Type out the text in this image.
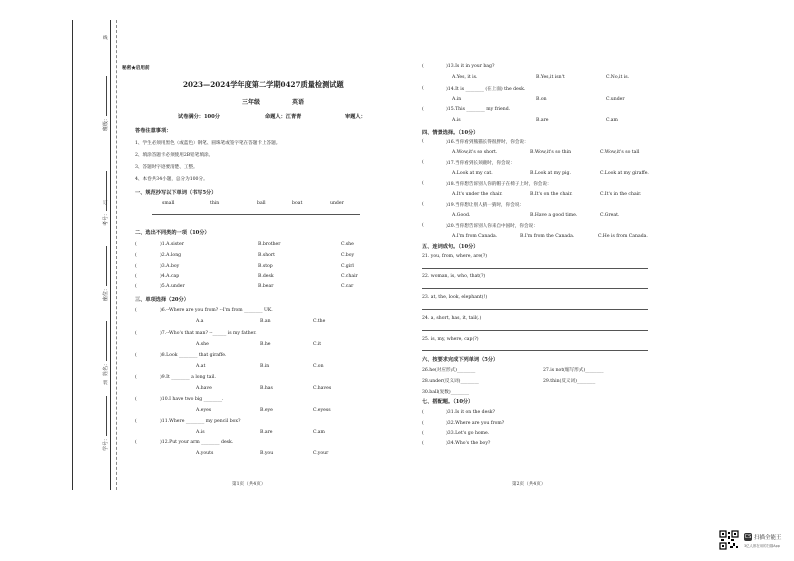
班级：
考号：
座位：
姓名：
学号：
线
订
装
秘密★启用前
2023—2024学年度第二学期0427质量检测试题
三年级	英语
试卷满分：100分	命题人：江青青	审题人：
答卷注意事项：
1、学生必须用黑色（或蓝色）钢笔、圆珠笔或签字笔在答题卡上答题。
2、填涂答题卡必须使用2B铅笔填涂。
3、答题时字迹要清楚、工整。
4、本卷共34小题，总分为100分。
一、规范抄写以下单词（书写5分）
small	thin	ball	boat	under
二、选出不同类的一项（10分）
(	)1.A.sister	B.brother	C.she
(	)2.A.long	B.short	C.boy
(	)3.A.boy	B.stop	C.girl
(	)4.A.cap	B.desk	C.chair
(	)5.A.under	B.bear	C.car
三、单项选择（20分）
(	)6.--Where are you from? --I'm from ________ UK.
A.a	B.an	C.the
(	)7.--Who's that man? --______ is my father.
A.she	B.he	C.it
(	)8.Look ________ that giraffe.
A.at	B.in	C.on
(	)9.It ________ a long tail.
A.have	B.has	C.haves
(	)10.I have two big ________.
A.eyes	B.eye	C.eyess
(	)11.Where ________ my pencil box?
A.is	B.are	C.am
(	)12.Put your arm ________ desk.
A.youts	B.you	C.your
第1页（共4页）
(	)13.Is it in your bag?
A.Yes, it is.	B.Yes,it isn't	C.No,it is.
(	)14.It is ________ (在上面) the desk.
A.in	B.on	C.under
(	)15.This ________ my friend.
A.is	B.are	C.am
四、情景选择。（10分）
(	)16.当你看到熊猫长得很胖时，你会说：
A.Wow,it's so short.	B.Wow,it's so thin	C.Wow,it's so tall
(	)17.当你看到长颈鹿时，你会说：
A.Look at my cat.	B.Look at my pig.	C.Look at my giraffe.
(	)18.当你想告诉别人你的帽子在椅子上时，你会说：
A.It's under the chair.	B.It's on the chair.	C.It's in the chair.
(	)19.当你想让别人猜一猜时，你会说：
A.Good.	B.Have a good time.	C.Great.
(	)20.当你想告诉别人你来自中国时，你会说：
A.I'm from Canada.	B.I'm from the Canada.	C.He is from Canada.
五、连词成句。（10分）
21. you, from, where, are(?)
22. woman, is, who, that(?)
23. at, the, look, elephant(!)
24. a, short, has, it, tail(.)
25. is, my, where, cap(?)
六、按要求完成下列单词（5分）
26.he(对应形式)________	27.is not(缩写形式)________
28.under(反义词)________	29.thin(反义词)________
30.ball(复数)________
七、搭配题。（10分）
(	)31.Is it on the desk?
(	)32.Where are you from?
(	)33.Let's go home.
(	)34.Who's the boy?
第2页（共4页）
CS 扫描全能王
3亿人都在用的扫描App
